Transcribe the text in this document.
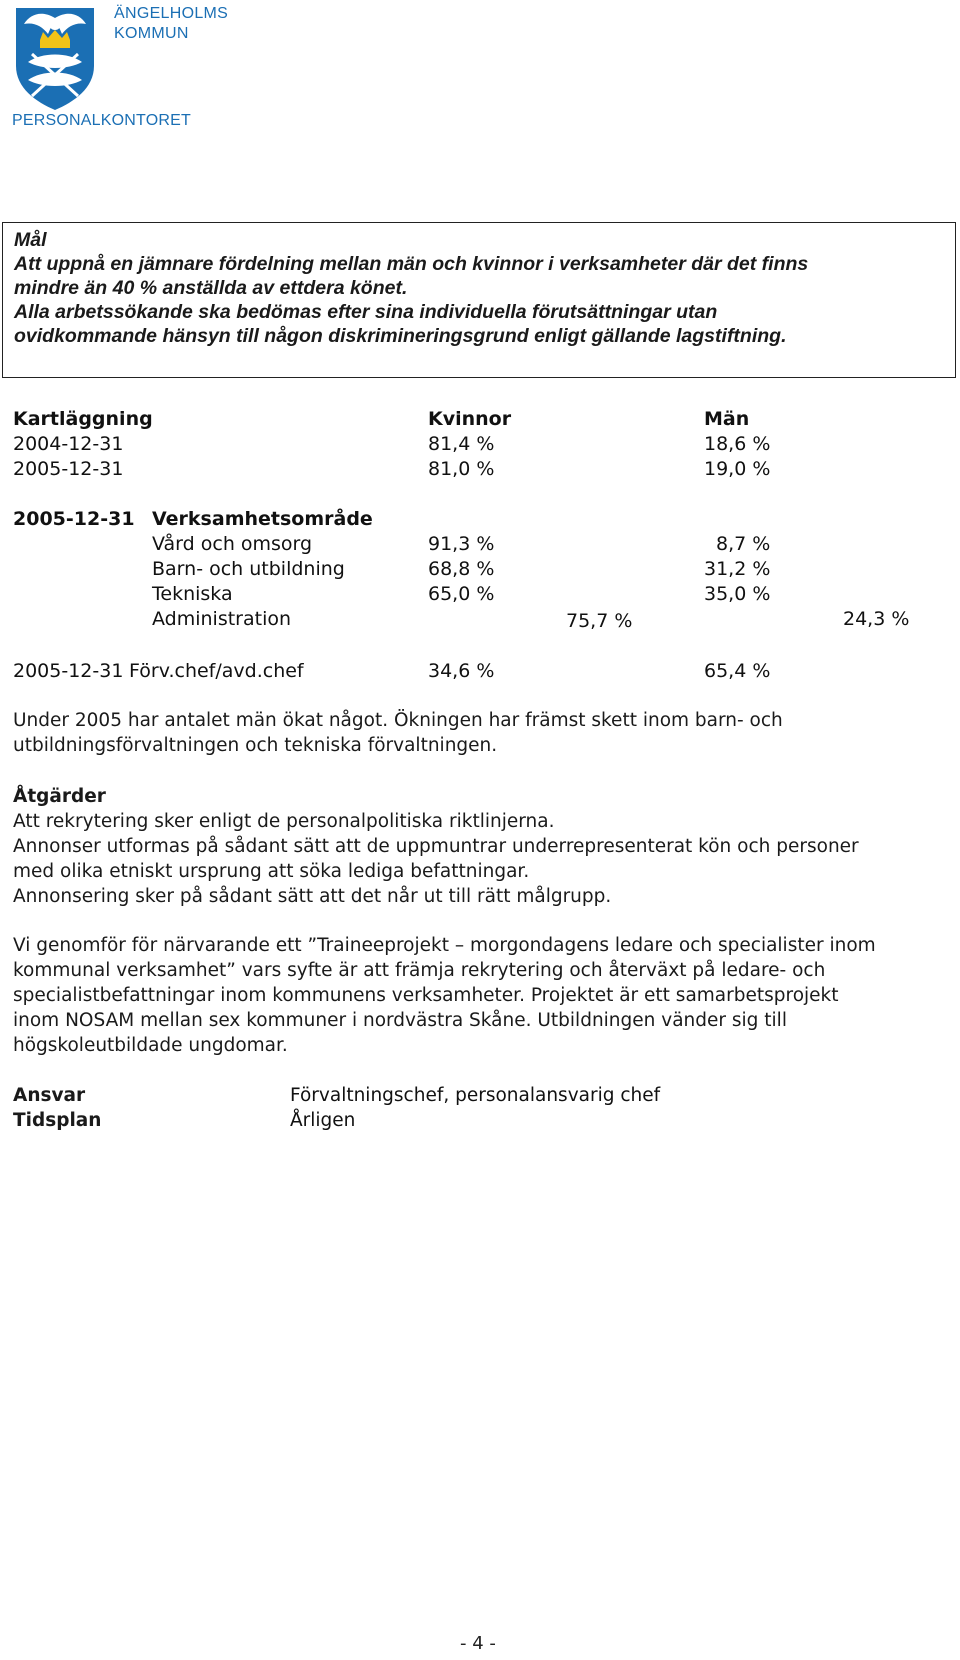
ÄNGELHOLMS
KOMMUN
PERSONALKONTORET
Mål
Att uppnå en jämnare fördelning mellan män och kvinnor i verksamheter där det finns
mindre än 40 % anställda av ettdera könet.
Alla arbetssökande ska bedömas efter sina individuella förutsättningar utan
ovidkommande hänsyn till någon diskrimineringsgrund enligt gällande lagstiftning.
Kartläggning	Kvinnor	Män
2004-12-31	81,4 %	18,6 %
2005-12-31	81,0 %	19,0 %
2005-12-31 Verksamhetsområde
Vård och omsorg	91,3 %	8,7 %
Barn- och utbildning	68,8 %	31,2 %
Tekniska	65,0 %	35,0 %
Administration	75,7 %	24,3 %
2005-12-31 Förv.chef/avd.chef	34,6 %	65,4 %
Under 2005 har antalet män ökat något. Ökningen har främst skett inom barn- och
utbildningsförvaltningen och tekniska förvaltningen.
Åtgärder
Att rekrytering sker enligt de personalpolitiska riktlinjerna.
Annonser utformas på sådant sätt att de uppmuntrar underrepresenterat kön och personer
med olika etniskt ursprung att söka lediga befattningar.
Annonsering sker på sådant sätt att det når ut till rätt målgrupp.
Vi genomför för närvarande ett ”Traineeprojekt – morgondagens ledare och specialister inom
kommunal verksamhet” vars syfte är att främja rekrytering och återväxt på ledare- och
specialistbefattningar inom kommunens verksamheter. Projektet är ett samarbetsprojekt
inom NOSAM mellan sex kommuner i nordvästra Skåne. Utbildningen vänder sig till
högskoleutbildade ungdomar.
Ansvar	Förvaltningschef, personalansvarig chef
Tidsplan	Årligen
- 4 -
